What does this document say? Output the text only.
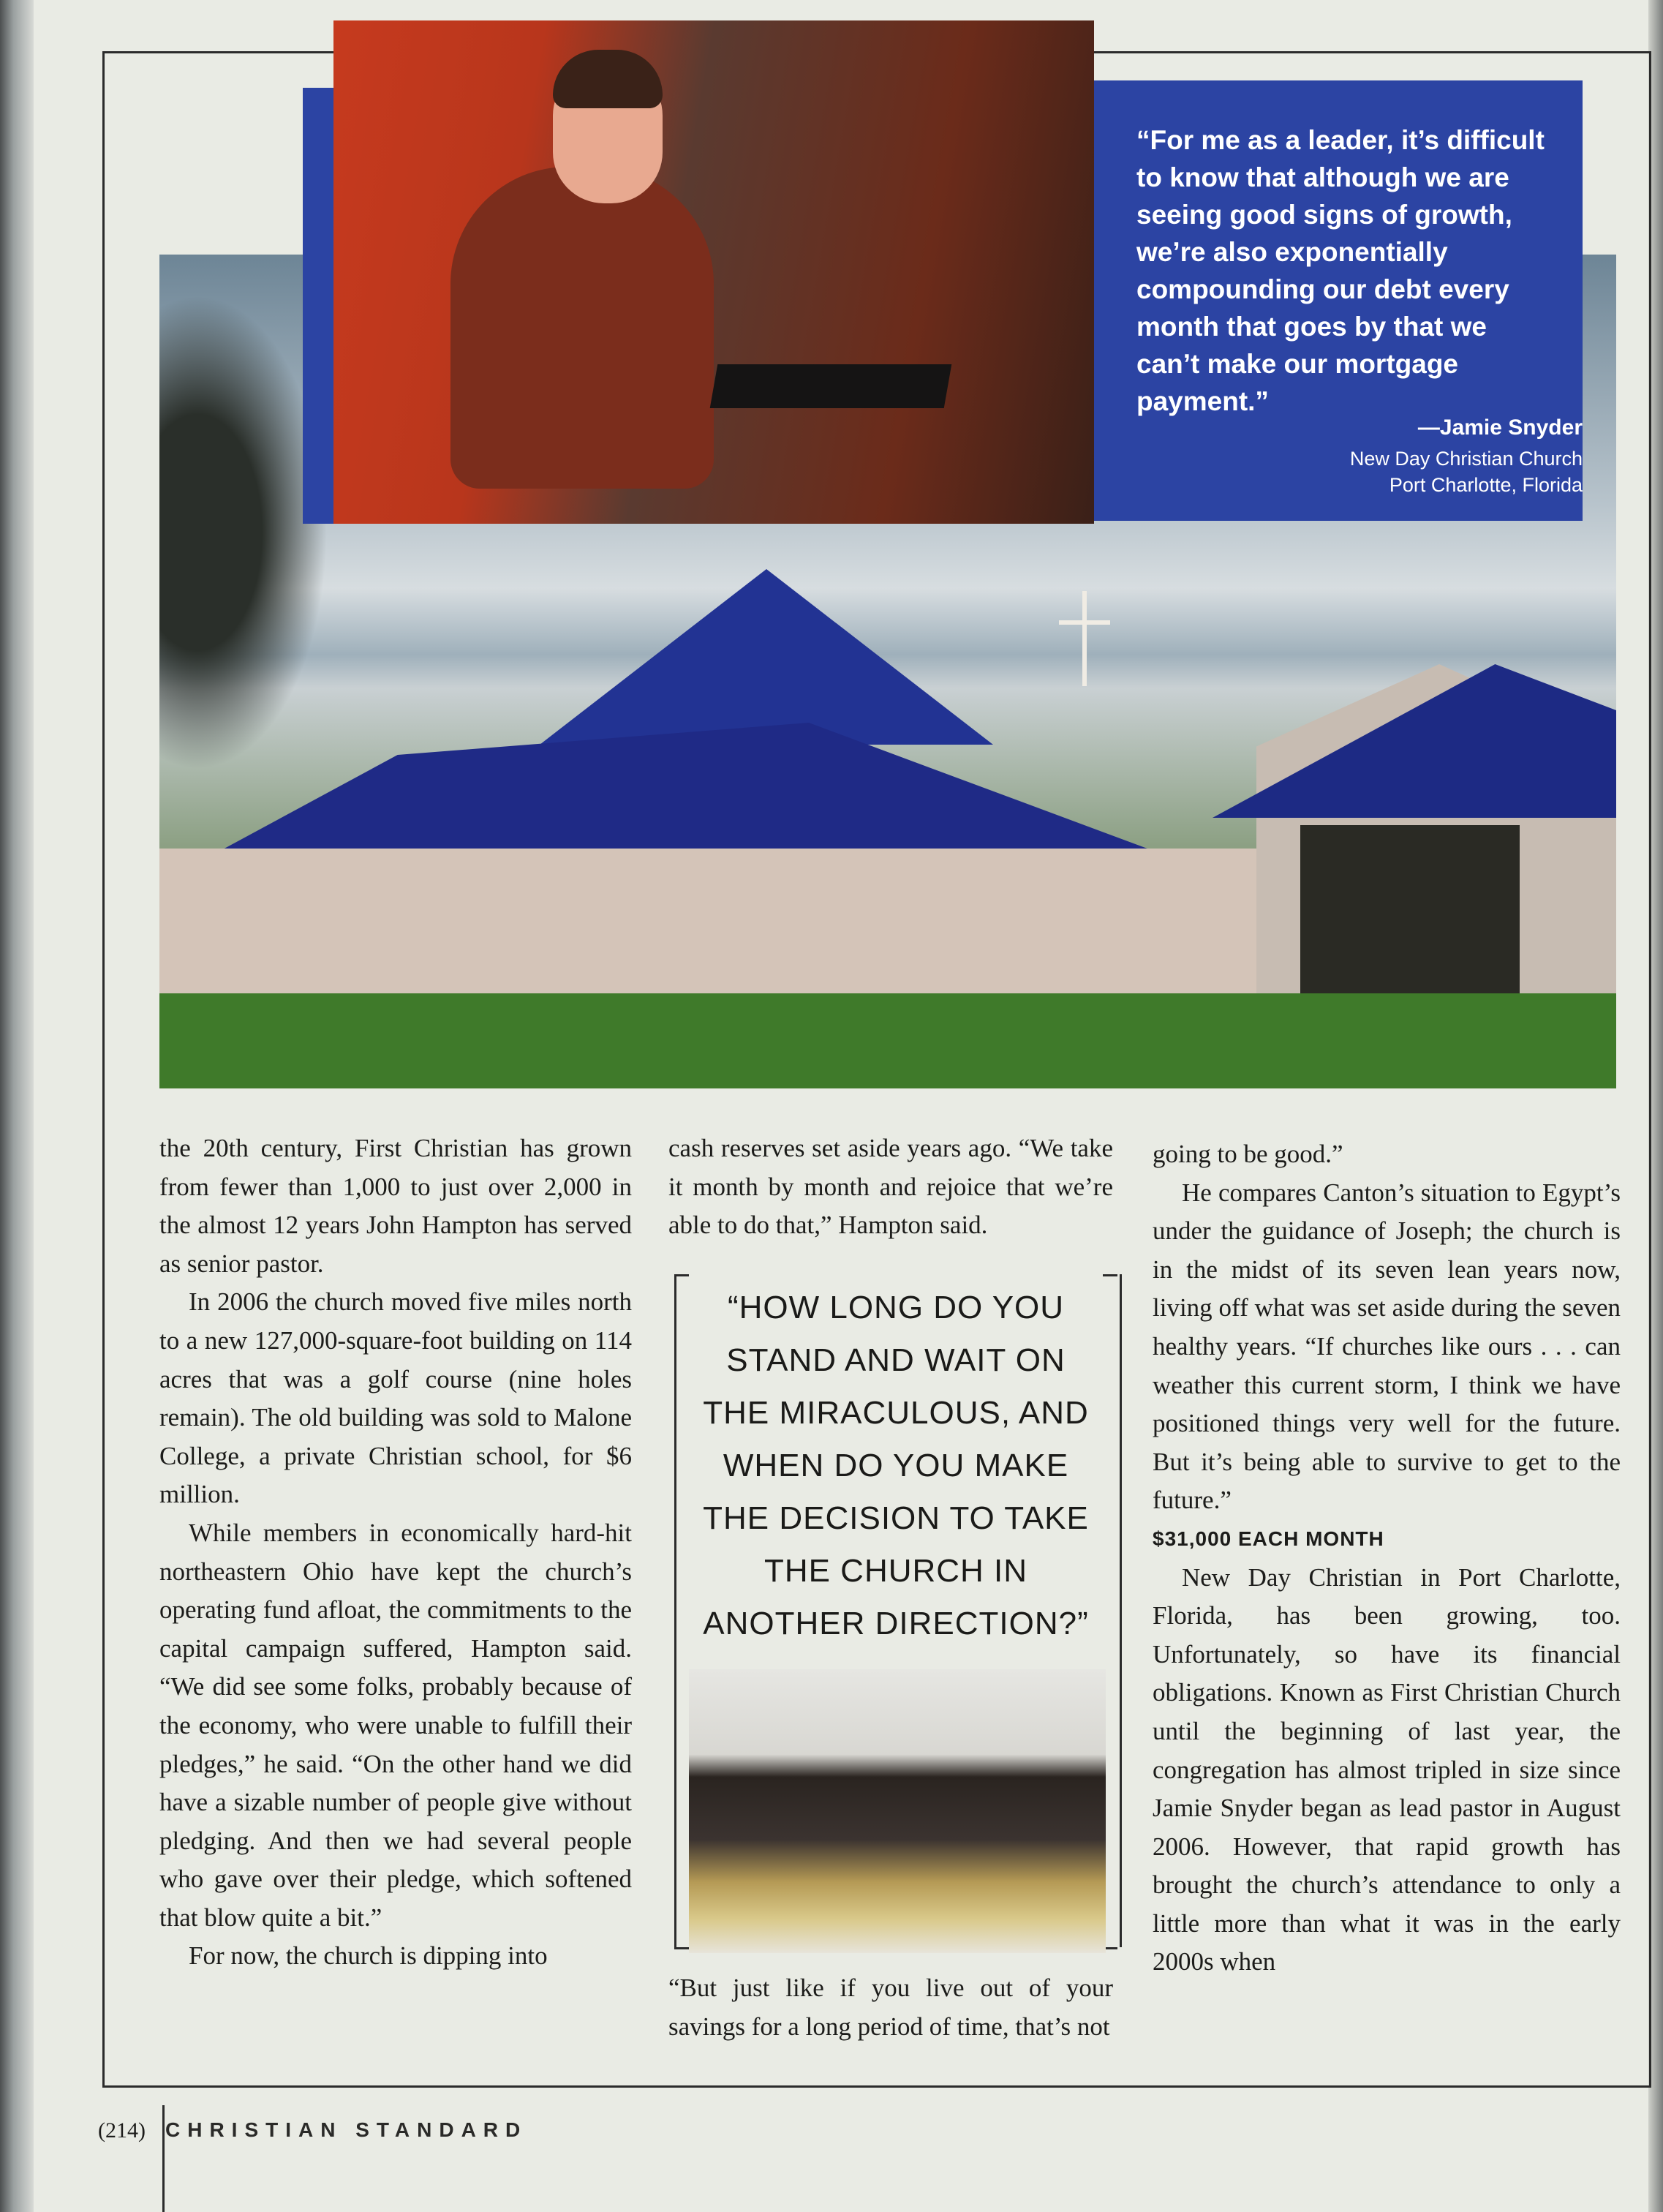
“For me as a leader, it’s difficult to know that although we are seeing good signs of growth, we’re also exponentially compounding our debt every month that goes by that we can’t make our mortgage payment.”
—Jamie Snyder
New Day Christian Church
Port Charlotte, Florida

the 20th century, First Christian has grown from fewer than 1,000 to just over 2,000 in the almost 12 years John Hampton has served as senior pastor.

In 2006 the church moved five miles north to a new 127,000-square-foot building on 114 acres that was a golf course (nine holes remain). The old building was sold to Malone College, a private Christian school, for $6 million.

While members in economically hard-hit northeastern Ohio have kept the church’s operating fund afloat, the commitments to the capital campaign suffered, Hampton said. “We did see some folks, probably because of the economy, who were unable to fulfill their pledges,” he said. “On the other hand we did have a sizable number of people give without pledging. And then we had several people who gave over their pledge, which softened that blow quite a bit.”

For now, the church is dipping into

cash reserves set aside years ago. “We take it month by month and rejoice that we’re able to do that,” Hampton said.

“HOW LONG DO YOU STAND AND WAIT ON THE MIRACULOUS, AND WHEN DO YOU MAKE THE DECISION TO TAKE THE CHURCH IN ANOTHER DIRECTION?”
“But just like if you live out of your savings for a long period of time, that’s not

going to be good.”

He compares Canton’s situation to Egypt’s under the guidance of Joseph; the church is in the midst of its seven lean years now, living off what was set aside during the seven healthy years. “If churches like ours . . . can weather this current storm, I think we have positioned things very well for the future. But it’s being able to survive to get to the future.”

$31,000 EACH MONTH

New Day Christian in Port Charlotte, Florida, has been growing, too. Unfortunately, so have its financial obligations. Known as First Christian Church until the beginning of last year, the congregation has almost tripled in size since Jamie Snyder began as lead pastor in August 2006. However, that rapid growth has brought the church’s attendance to only a little more than what it was in the early 2000s when

(214) CHRISTIAN STANDARD
